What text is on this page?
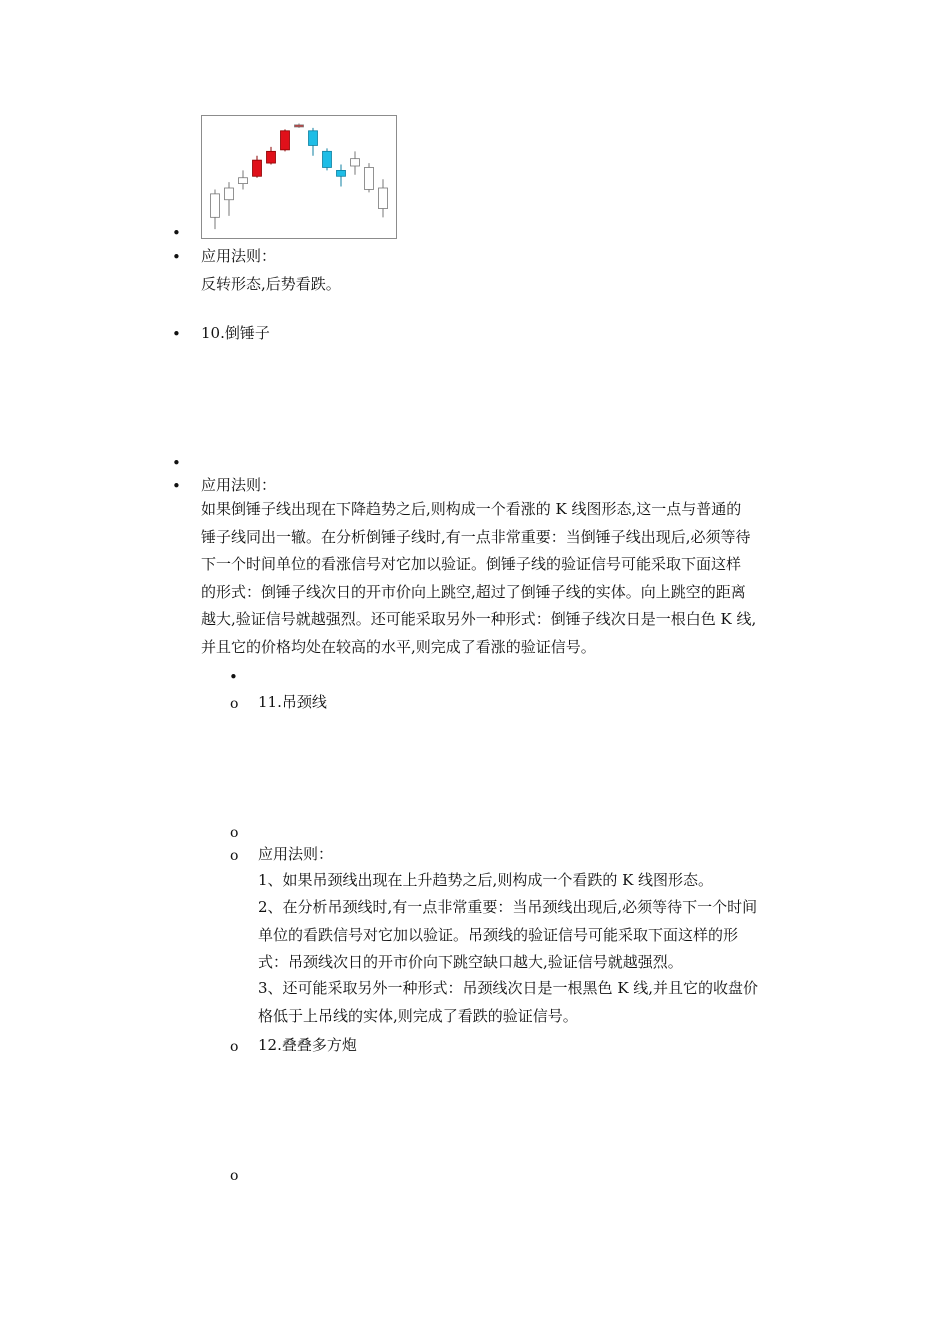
•
•
应用法则：
反转形态,后势看跌。
•
10.倒锤子
•
•
应用法则：
如果倒锤子线出现在下降趋势之后,则构成一个看涨的 K 线图形态,这一点与普通的
锤子线同出一辙。在分析倒锤子线时,有一点非常重要：当倒锤子线出现后,必须等待
下一个时间单位的看涨信号对它加以验证。倒锤子线的验证信号可能采取下面这样
的形式：倒锤子线次日的开市价向上跳空,超过了倒锤子线的实体。向上跳空的距离
越大,验证信号就越强烈。还可能采取另外一种形式：倒锤子线次日是一根白色 K 线,
并且它的价格均处在较高的水平,则完成了看涨的验证信号。
•
o
11.吊颈线
o
o
应用法则：
1、如果吊颈线出现在上升趋势之后,则构成一个看跌的 K 线图形态。
2、在分析吊颈线时,有一点非常重要：当吊颈线出现后,必须等待下一个时间
单位的看跌信号对它加以验证。吊颈线的验证信号可能采取下面这样的形
式：吊颈线次日的开市价向下跳空缺口越大,验证信号就越强烈。
3、还可能采取另外一种形式：吊颈线次日是一根黑色 K 线,并且它的收盘价
格低于上吊线的实体,则完成了看跌的验证信号。
o
12.叠叠多方炮
o
